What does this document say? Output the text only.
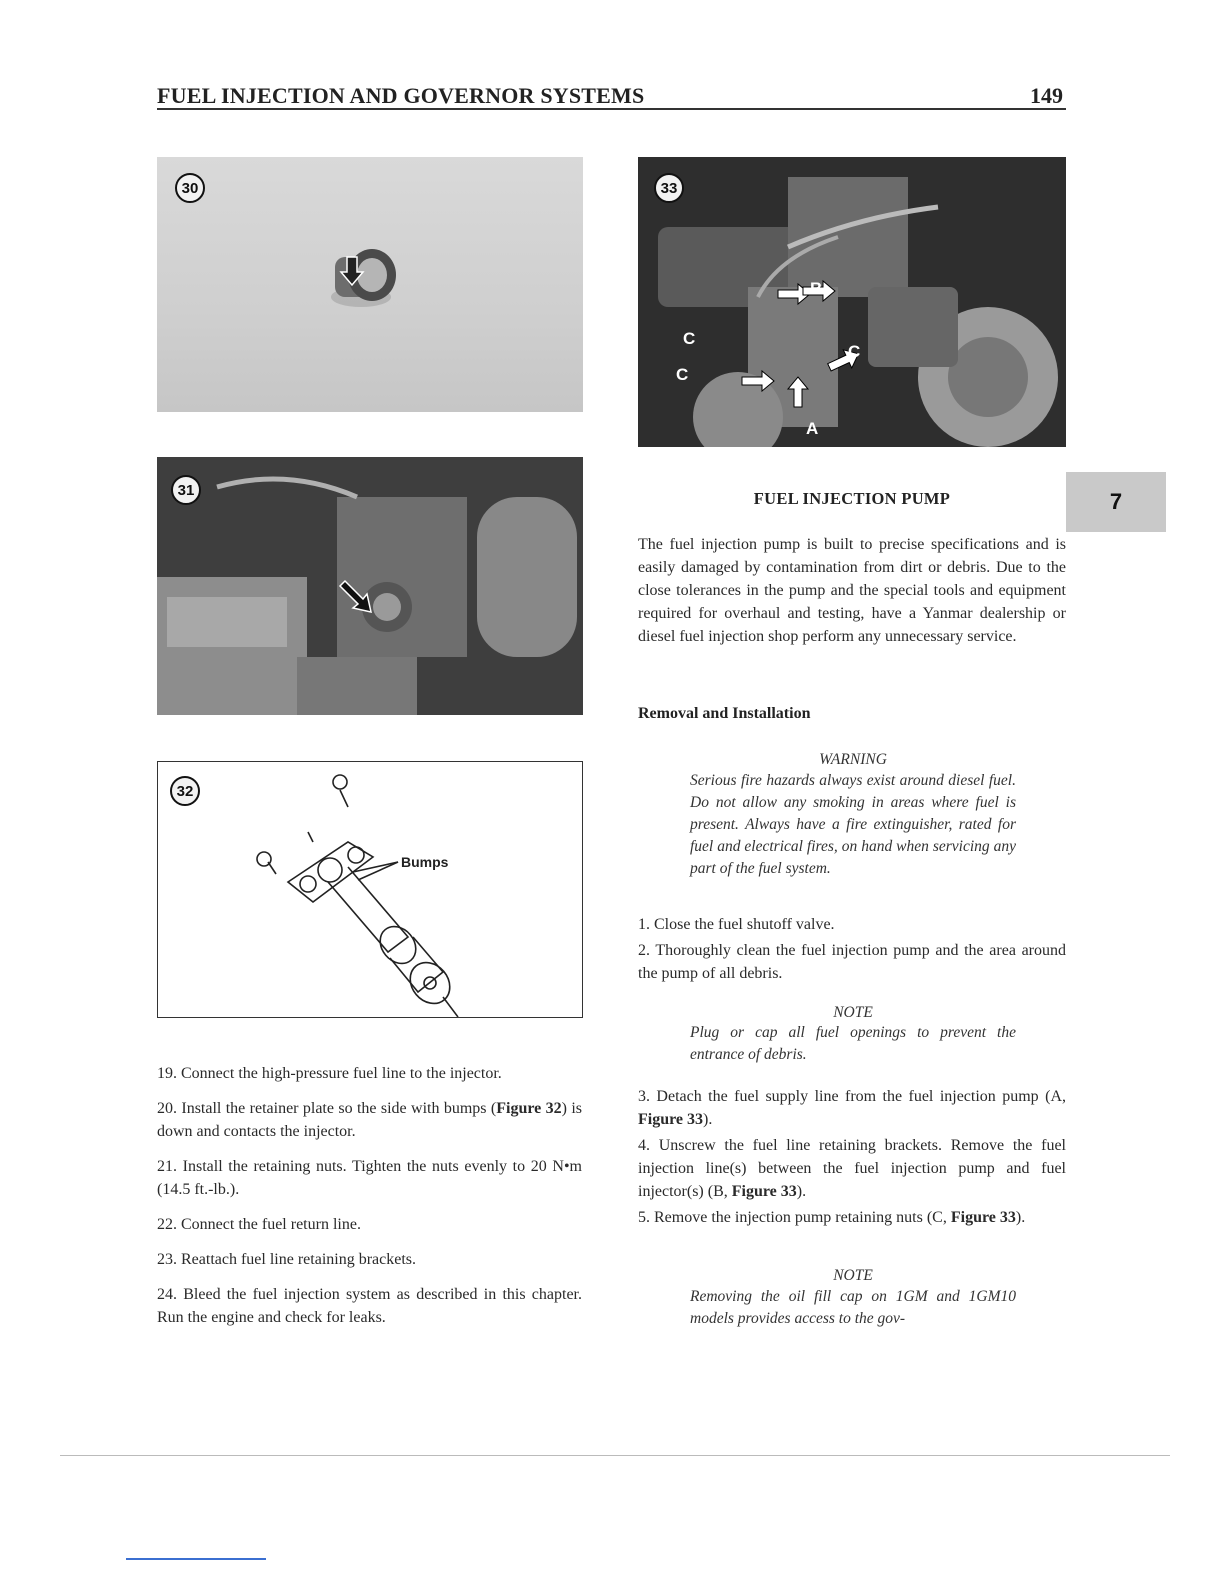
FUEL INJECTION AND GOVERNOR SYSTEMS	149
30	33
B
C
C
C
A
31
32
Bumps

19. Connect the high-pressure fuel line to the injector.

20. Install the retainer plate so the side with bumps (Figure 32) is down and contacts the injector.

21. Install the retaining nuts. Tighten the nuts evenly to 20 N•m (14.5 ft.-lb.).

22. Connect the fuel return line.

23. Reattach fuel line retaining brackets.

24. Bleed the fuel injection system as described in this chapter. Run the engine and check for leaks.

FUEL INJECTION PUMP	7
The fuel injection pump is built to precise specifications and is easily damaged by contamination from dirt or debris. Due to the close tolerances in the pump and the special tools and equipment required for overhaul and testing, have a Yanmar dealership or diesel fuel injection shop perform any unnecessary service.
Removal and Installation
WARNING
Serious fire hazards always exist around diesel fuel. Do not allow any smoking in areas where fuel is present. Always have a fire extinguisher, rated for fuel and electrical fires, on hand when servicing any part of the fuel system.

1. Close the fuel shutoff valve.

2. Thoroughly clean the fuel injection pump and the area around the pump of all debris.

NOTE
Plug or cap all fuel openings to prevent the entrance of debris.

3. Detach the fuel supply line from the fuel injection pump (A, Figure 33).

4. Unscrew the fuel line retaining brackets. Remove the fuel injection line(s) between the fuel injection pump and fuel injector(s) (B, Figure 33).

5. Remove the injection pump retaining nuts (C, Figure 33).

NOTE
Removing the oil fill cap on 1GM and 1GM10 models provides access to the gov-
